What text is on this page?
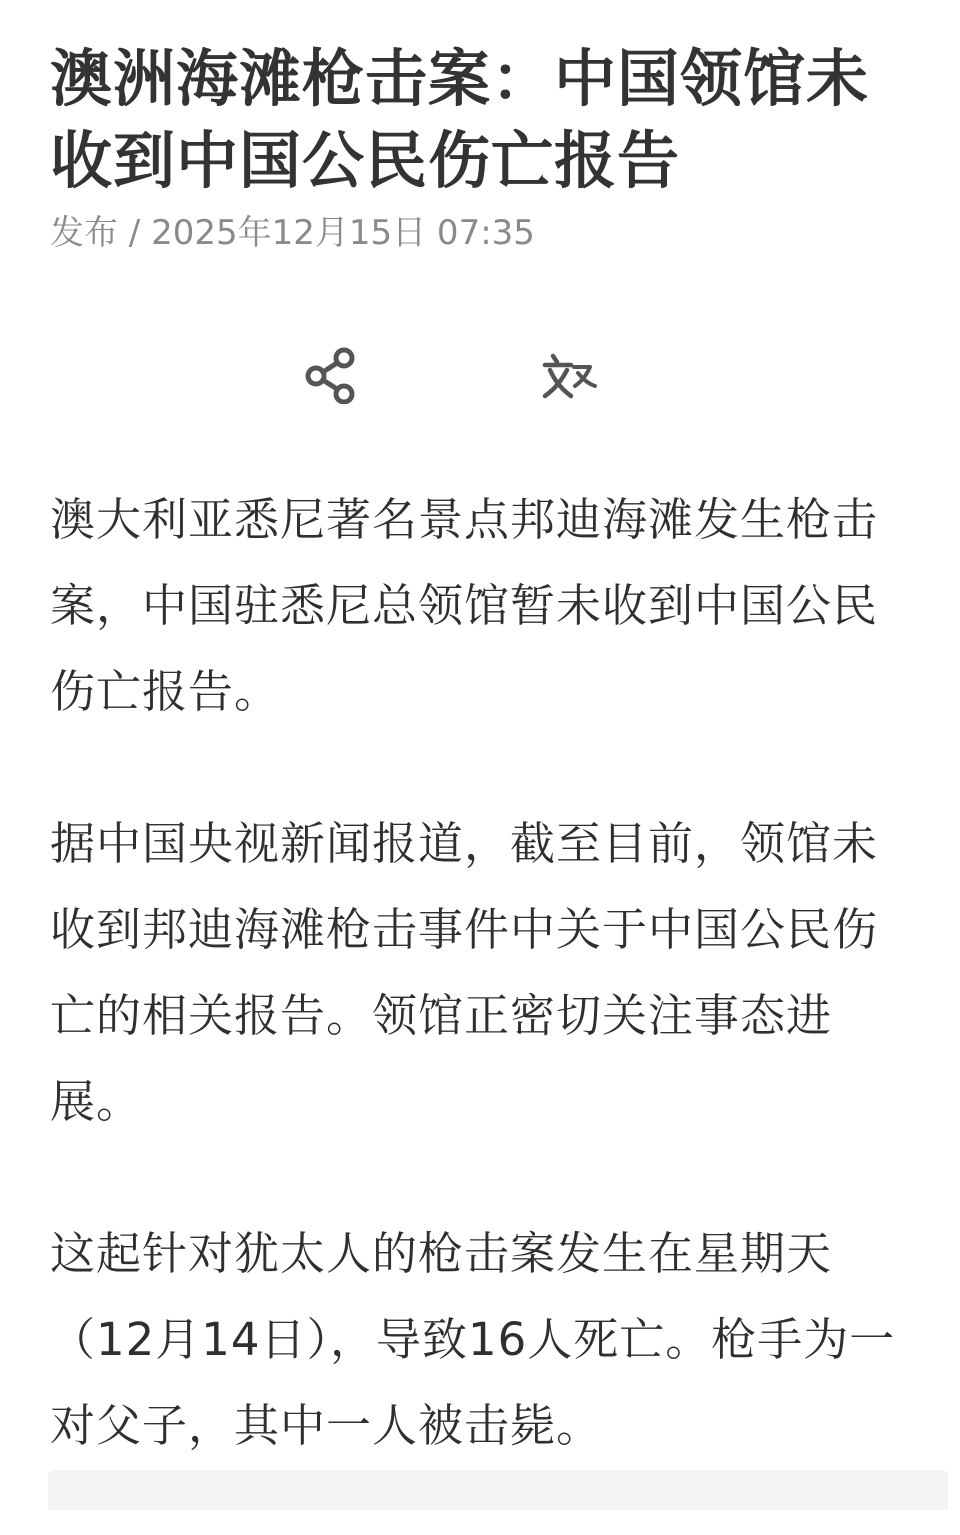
澳洲海滩枪击案：中国领馆未收到中国公民伤亡报告
发布 / 2025年12月15日 07:35

澳大利亚悉尼著名景点邦迪海滩发生枪击案，中国驻悉尼总领馆暂未收到中国公民伤亡报告。

据中国央视新闻报道，截至目前，领馆未收到邦迪海滩枪击事件中关于中国公民伤亡的相关报告。领馆正密切关注事态进展。

这起针对犹太人的枪击案发生在星期天（12月14日），导致16人死亡。枪手为一对父子，其中一人被击毙。
